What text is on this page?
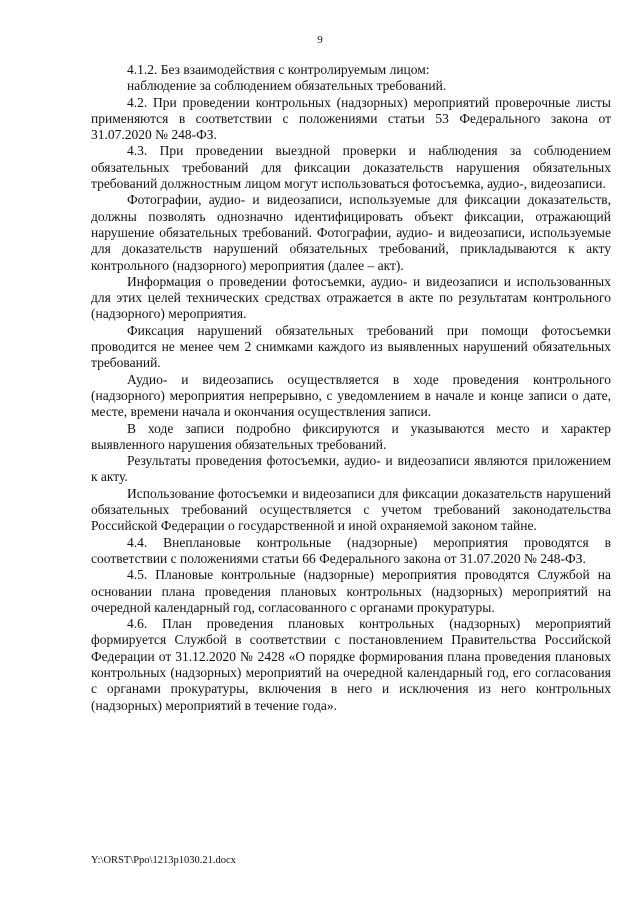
9

4.1.2. Без взаимодействия с контролируемым лицом:

наблюдение за соблюдением обязательных требований.

4.2. При проведении контрольных (надзорных) мероприятий проверочные листы применяются в соответствии с положениями статьи 53 Федерального закона от 31.07.2020 № 248-ФЗ.

4.3. При проведении выездной проверки и наблюдения за соблюдением обязательных требований для фиксации доказательств нарушения обязательных требований должностным лицом могут использоваться фотосъемка, аудио-, видеозаписи.

Фотографии, аудио- и видеозаписи, используемые для фиксации доказательств, должны позволять однозначно идентифицировать объект фиксации, отражающий нарушение обязательных требований. Фотографии, аудио- и видеозаписи, используемые для доказательств нарушений обязательных требований, прикладываются к акту контрольного (надзорного) мероприятия (далее – акт).

Информация о проведении фотосъемки, аудио- и видеозаписи и использованных для этих целей технических средствах отражается в акте по результатам контрольного (надзорного) мероприятия.

Фиксация нарушений обязательных требований при помощи фотосъемки проводится не менее чем 2 снимками каждого из выявленных нарушений обязательных требований.

Аудио- и видеозапись осуществляется в ходе проведения контрольного (надзорного) мероприятия непрерывно, с уведомлением в начале и конце записи о дате, месте, времени начала и окончания осуществления записи.

В ходе записи подробно фиксируются и указываются место и характер выявленного нарушения обязательных требований.

Результаты проведения фотосъемки, аудио- и видеозаписи являются приложением к акту.

Использование фотосъемки и видеозаписи для фиксации доказательств нарушений обязательных требований осуществляется с учетом требований законодательства Российской Федерации о государственной и иной охраняемой законом тайне.

4.4. Внеплановые контрольные (надзорные) мероприятия проводятся в соответствии с положениями статьи 66 Федерального закона от 31.07.2020 № 248-ФЗ.

4.5. Плановые контрольные (надзорные) мероприятия проводятся Службой на основании плана проведения плановых контрольных (надзорных) мероприятий на очередной календарный год, согласованного с органами прокуратуры.

4.6. План проведения плановых контрольных (надзорных) мероприятий формируется Службой в соответствии с постановлением Правительства Российской Федерации от 31.12.2020 № 2428 «О порядке формирования плана проведения плановых контрольных (надзорных) мероприятий на очередной календарный год, его согласования с органами прокуратуры, включения в него и исключения из него контрольных (надзорных) мероприятий в течение года».

Y:\ORST\Ppo\1213p1030.21.docx
